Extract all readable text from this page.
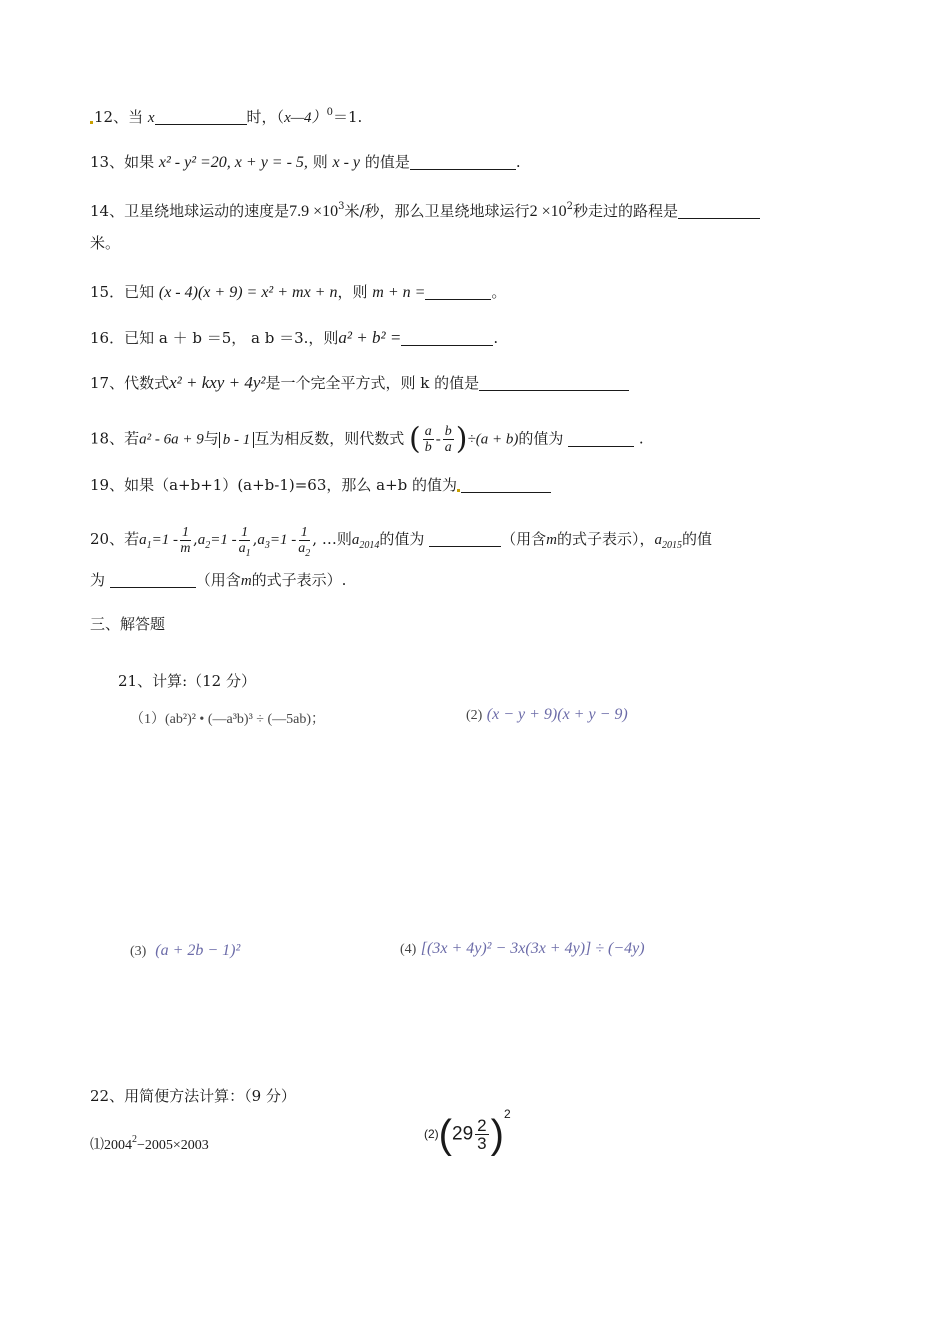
12、当 x	时，（x—4）$^0$＝1.
13、如果 x² - y² =20, x + y = - 5, 则 x - y 的值是	.
14、卫星绕地球运动的速度是$7.9 \times 10^3$米/秒，那么卫星绕地球运行$2 \times 10^2$秒走过的路程是
米。
15．已知 (x - 4)(x + 9) = x² + mx + n，则 m + n =	。
16．已知 a ＋ b ＝5， a b ＝3.，则a² + b² =	.
17、代数式x² + kxy + 4y²是一个完全平方式，则 k 的值是
18、若a² - 6a + 9与 b - 1 互为相反数，则代数式 ( $\frac{a}{b} - \frac{b}{a} )\div(a + b)$的值为	.
19、如果（a+b+1）(a+b-1)=63，那么 a+b 的值为
20、若$a_1=1 - \frac{1}{m} ,a_2=1 - \frac{1}{a_1} ,a_3=1 - \frac{1}{a_2}$ , …则$a_{2014}$的值为	（用含m的式子表示），$a_{2015}$的值
为	（用含m的式子表示）.
三、解答题
21、计算:（12 分）
（1）(ab²)² • (—a³b)³ ÷ (—5ab)；	(2) (x − y + 9)(x + y − 9)
(3) (a + 2b − 1)²	(4) [(3x + 4y)² − 3x(3x + 4y)] ÷ (−4y)
22、用简便方法计算：（9 分）
$⑴2004^2-2005\times 2003$
$(2)(29 \frac{2}{3} )^2$
